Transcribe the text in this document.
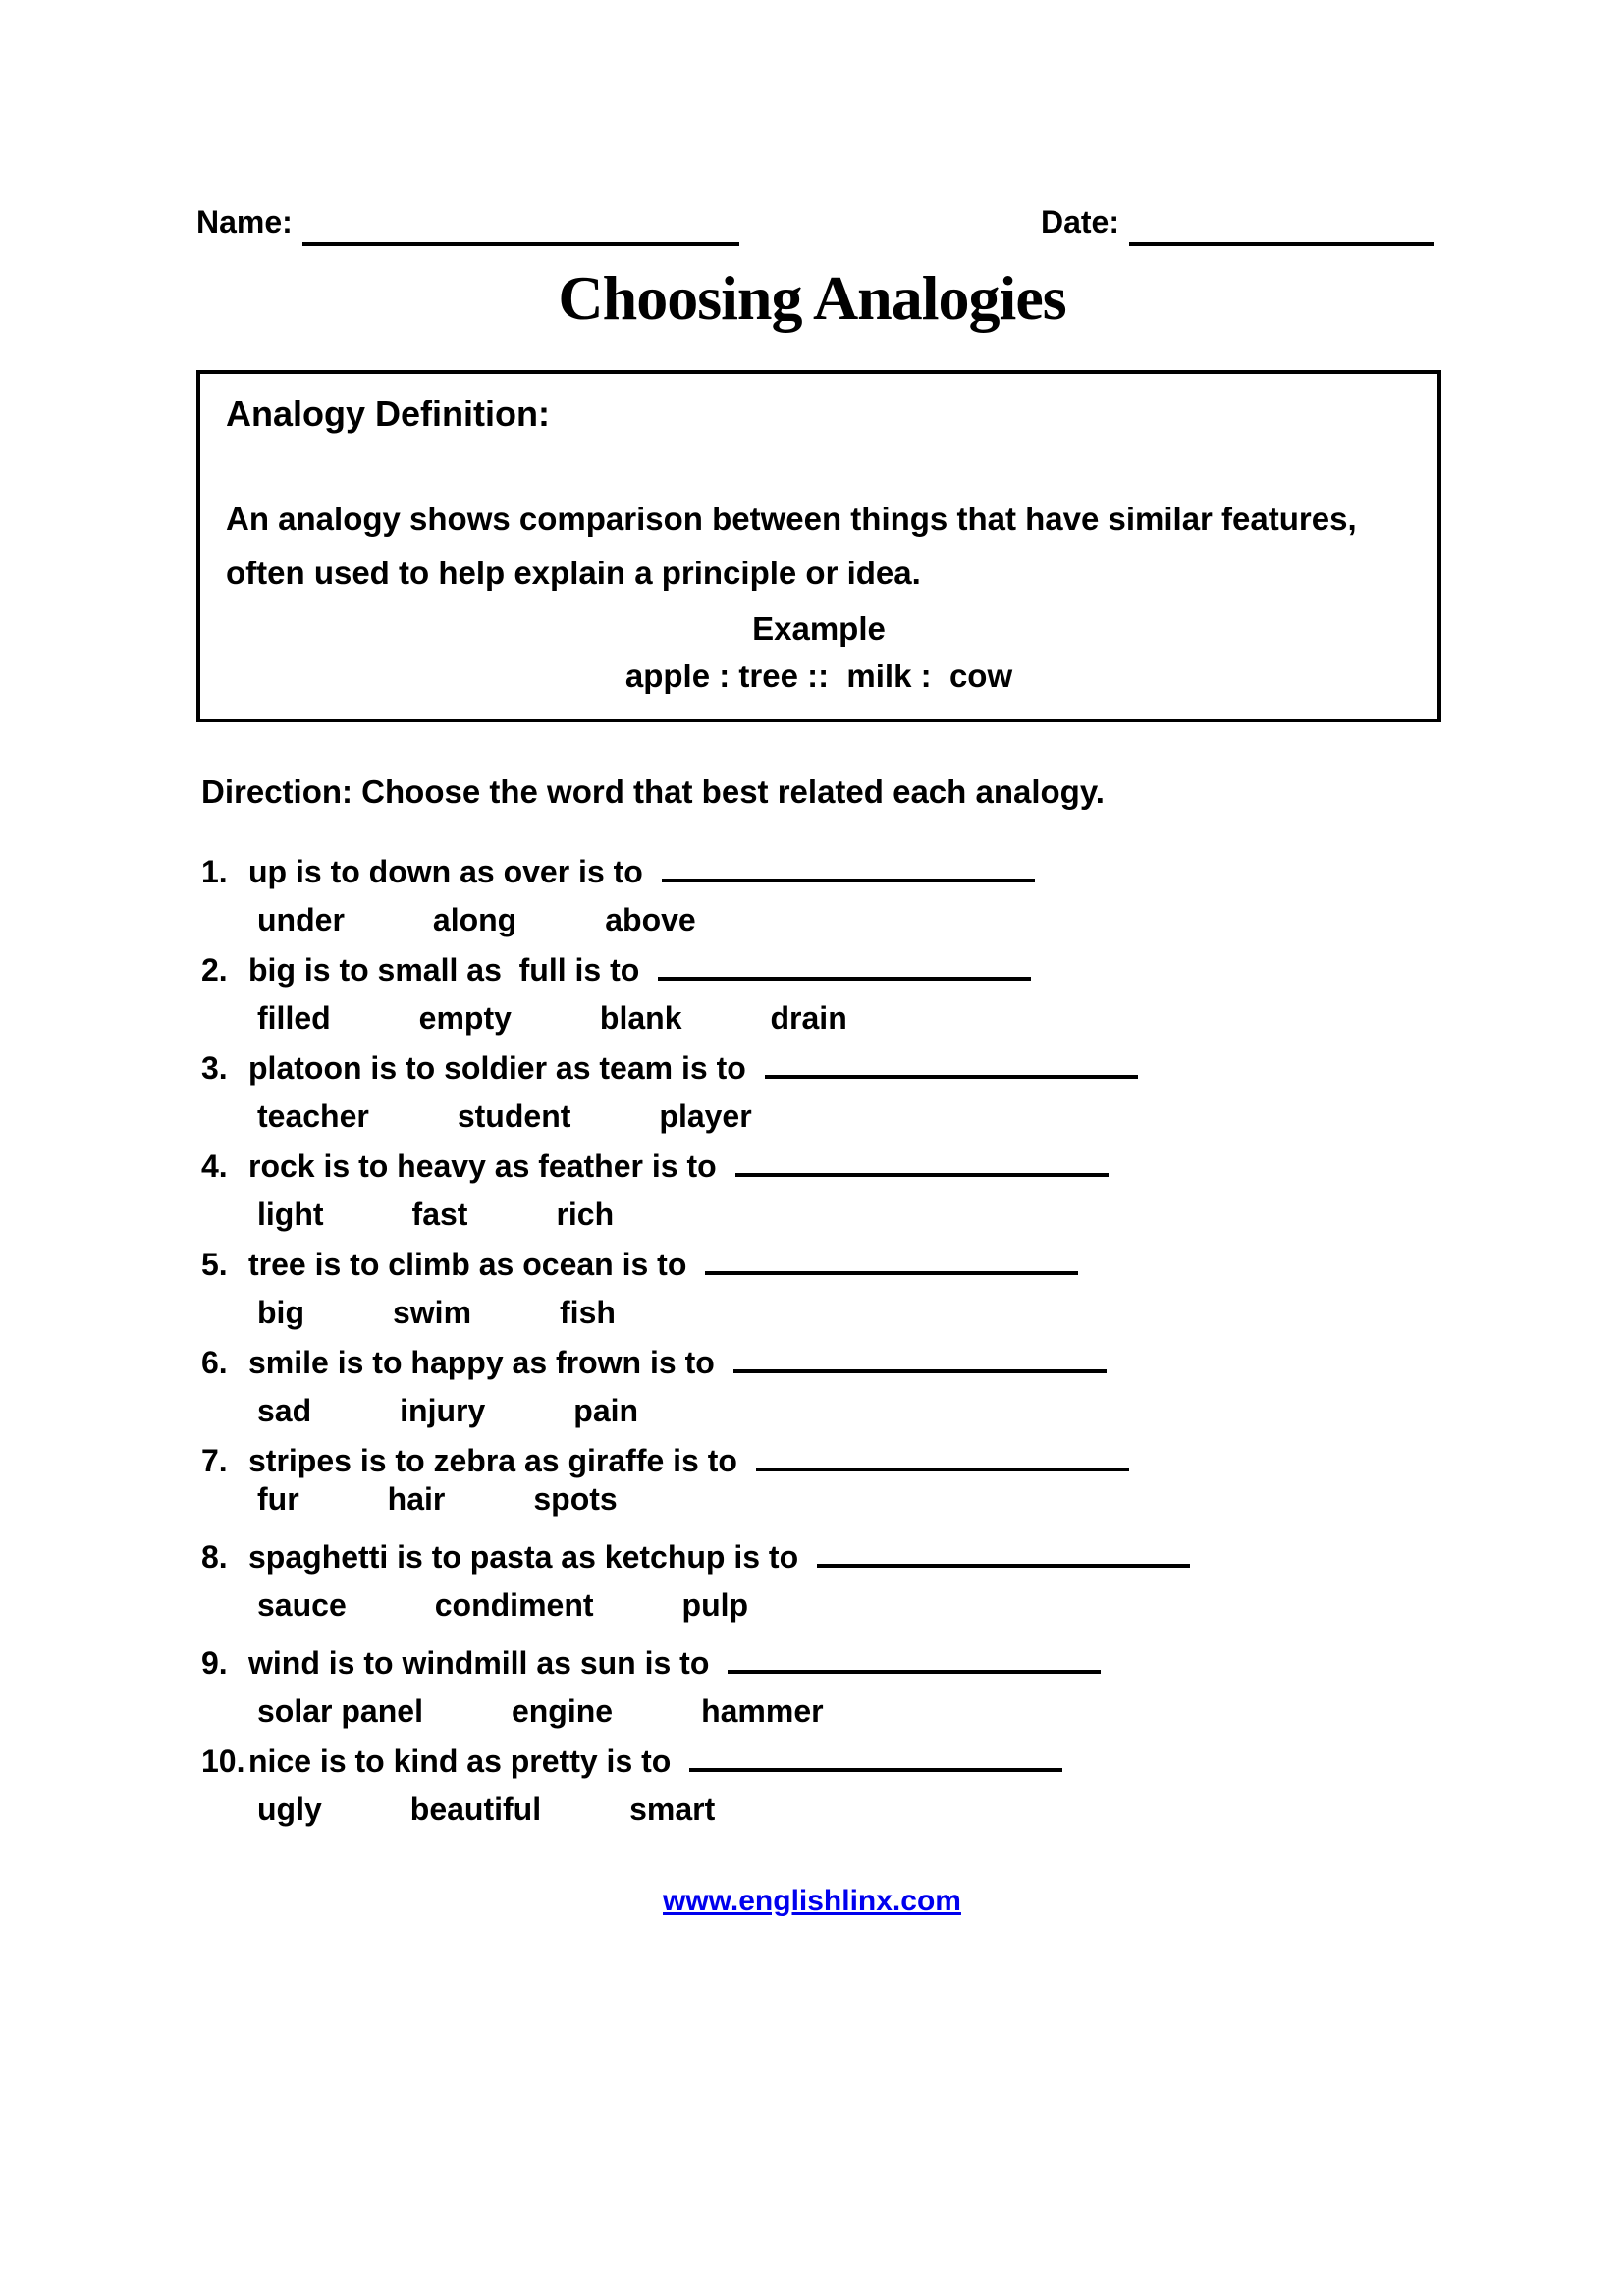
Name:	Date:
Choosing Analogies

Analogy Definition:

An analogy shows comparison between things that have similar features,

often used to help explain a principle or idea.

Example

apple : tree ::  milk :  cow

Direction: Choose the word that best related each analogy.

1. up is to down as over is to
under	along	above
2. big is to small as  full is to
filled	empty	blank	drain
3. platoon is to soldier as team is to
teacher	student	player
4. rock is to heavy as feather is to
light	fast	rich
5. tree is to climb as ocean is to
big	swim	fish
6. smile is to happy as frown is to
sad	injury	pain
7. stripes is to zebra as giraffe is to
fur	hair	spots
8. spaghetti is to pasta as ketchup is to
sauce	condiment	pulp
9. wind is to windmill as sun is to
solar panel	engine	hammer
10. nice is to kind as pretty is to
ugly	beautiful	smart
www.englishlinx.com
